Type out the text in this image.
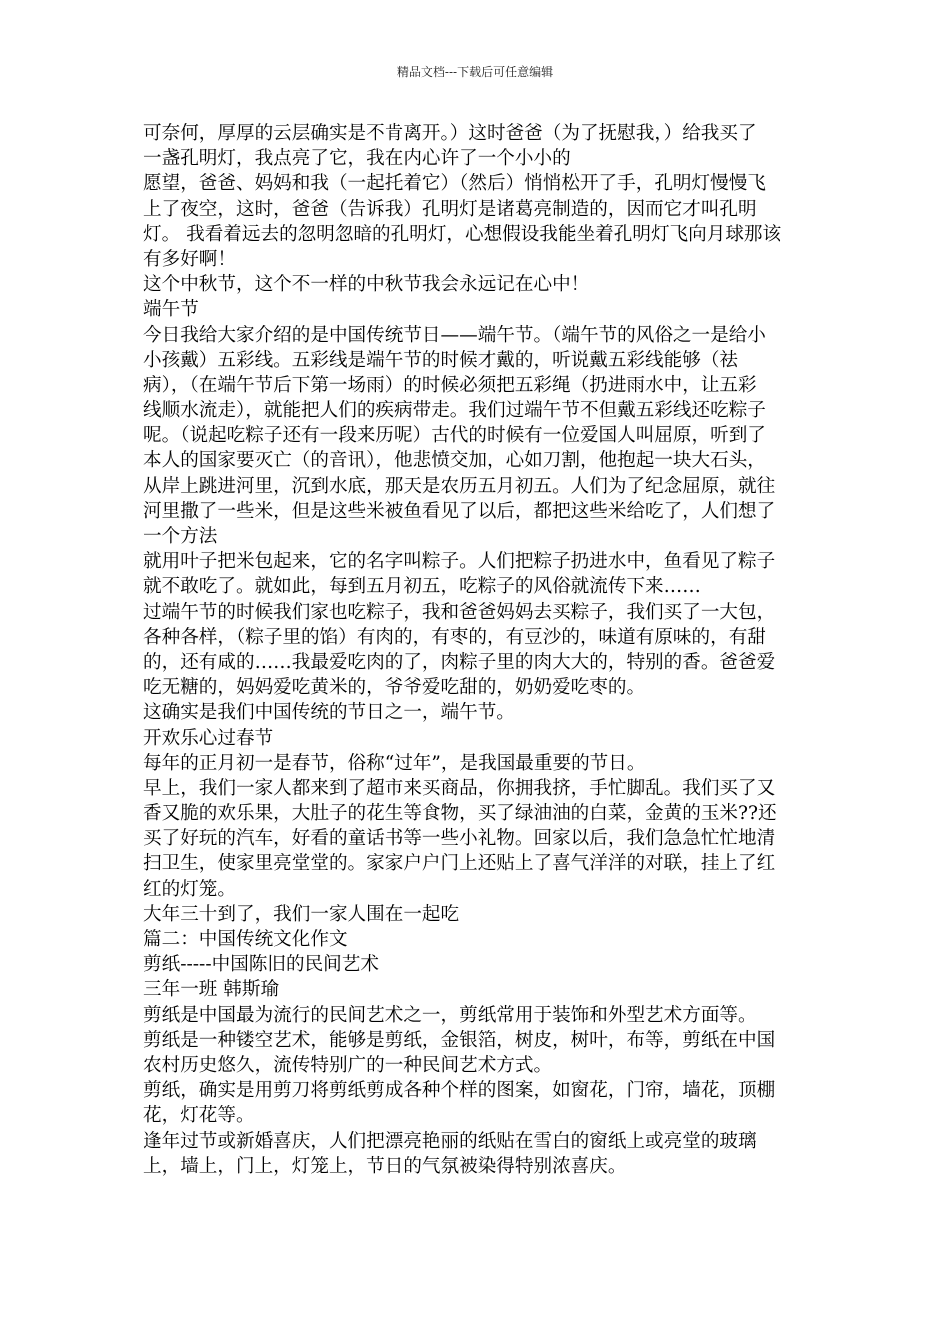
精品文档---下载后可任意编辑
可奈何，厚厚的云层确实是不肯离开。）这时爸爸（为了抚慰我，）给我买了
一盏孔明灯，我点亮了它，我在内心许了一个小小的
愿望，爸爸、妈妈和我（一起托着它）（然后）悄悄松开了手，孔明灯慢慢飞
上了夜空，这时，爸爸（告诉我）孔明灯是诸葛亮制造的，因而它才叫孔明
灯。 我看着远去的忽明忽暗的孔明灯，心想假设我能坐着孔明灯飞向月球那该
有多好啊！
这个中秋节，这个不一样的中秋节我会永远记在心中！
端午节
今日我给大家介绍的是中国传统节日——端午节。（端午节的风俗之一是给小
小孩戴）五彩线。五彩线是端午节的时候才戴的，听说戴五彩线能够（祛
病），（在端午节后下第一场雨）的时候必须把五彩绳（扔进雨水中，让五彩
线顺水流走），就能把人们的疾病带走。我们过端午节不但戴五彩线还吃粽子
呢。（说起吃粽子还有一段来历呢）古代的时候有一位爱国人叫屈原，听到了
本人的国家要灭亡（的音讯），他悲愤交加，心如刀割，他抱起一块大石头，
从岸上跳进河里，沉到水底，那天是农历五月初五。人们为了纪念屈原，就往
河里撒了一些米，但是这些米被鱼看见了以后，都把这些米给吃了，人们想了
一个方法
就用叶子把米包起来，它的名字叫粽子。人们把粽子扔进水中，鱼看见了粽子
就不敢吃了。就如此，每到五月初五，吃粽子的风俗就流传下来……
过端午节的时候我们家也吃粽子，我和爸爸妈妈去买粽子，我们买了一大包，
各种各样，（粽子里的馅）有肉的，有枣的，有豆沙的，味道有原味的，有甜
的，还有咸的……我最爱吃肉的了，肉粽子里的肉大大的，特别的香。爸爸爱
吃无糖的，妈妈爱吃黄米的，爷爷爱吃甜的，奶奶爱吃枣的。
这确实是我们中国传统的节日之一，端午节。
开欢乐心过春节
每年的正月初一是春节，俗称“过年”，是我国最重要的节日。
早上，我们一家人都来到了超市来买商品，你拥我挤，手忙脚乱。我们买了又
香又脆的欢乐果，大肚子的花生等食物，买了绿油油的白菜，金黄的玉米??还
买了好玩的汽车，好看的童话书等一些小礼物。回家以后，我们急急忙忙地清
扫卫生，使家里亮堂堂的。家家户户门上还贴上了喜气洋洋的对联，挂上了红
红的灯笼。
大年三十到了，我们一家人围在一起吃
篇二：中国传统文化作文
剪纸-----中国陈旧的民间艺术
三年一班 韩斯瑜
剪纸是中国最为流行的民间艺术之一，剪纸常用于装饰和外型艺术方面等。
剪纸是一种镂空艺术，能够是剪纸，金银箔，树皮，树叶，布等，剪纸在中国
农村历史悠久，流传特别广的一种民间艺术方式。
剪纸，确实是用剪刀将剪纸剪成各种个样的图案，如窗花，门帘，墙花，顶棚
花，灯花等。
逢年过节或新婚喜庆，人们把漂亮艳丽的纸贴在雪白的窗纸上或亮堂的玻璃
上，墙上，门上，灯笼上，节日的气氛被染得特别浓喜庆。
